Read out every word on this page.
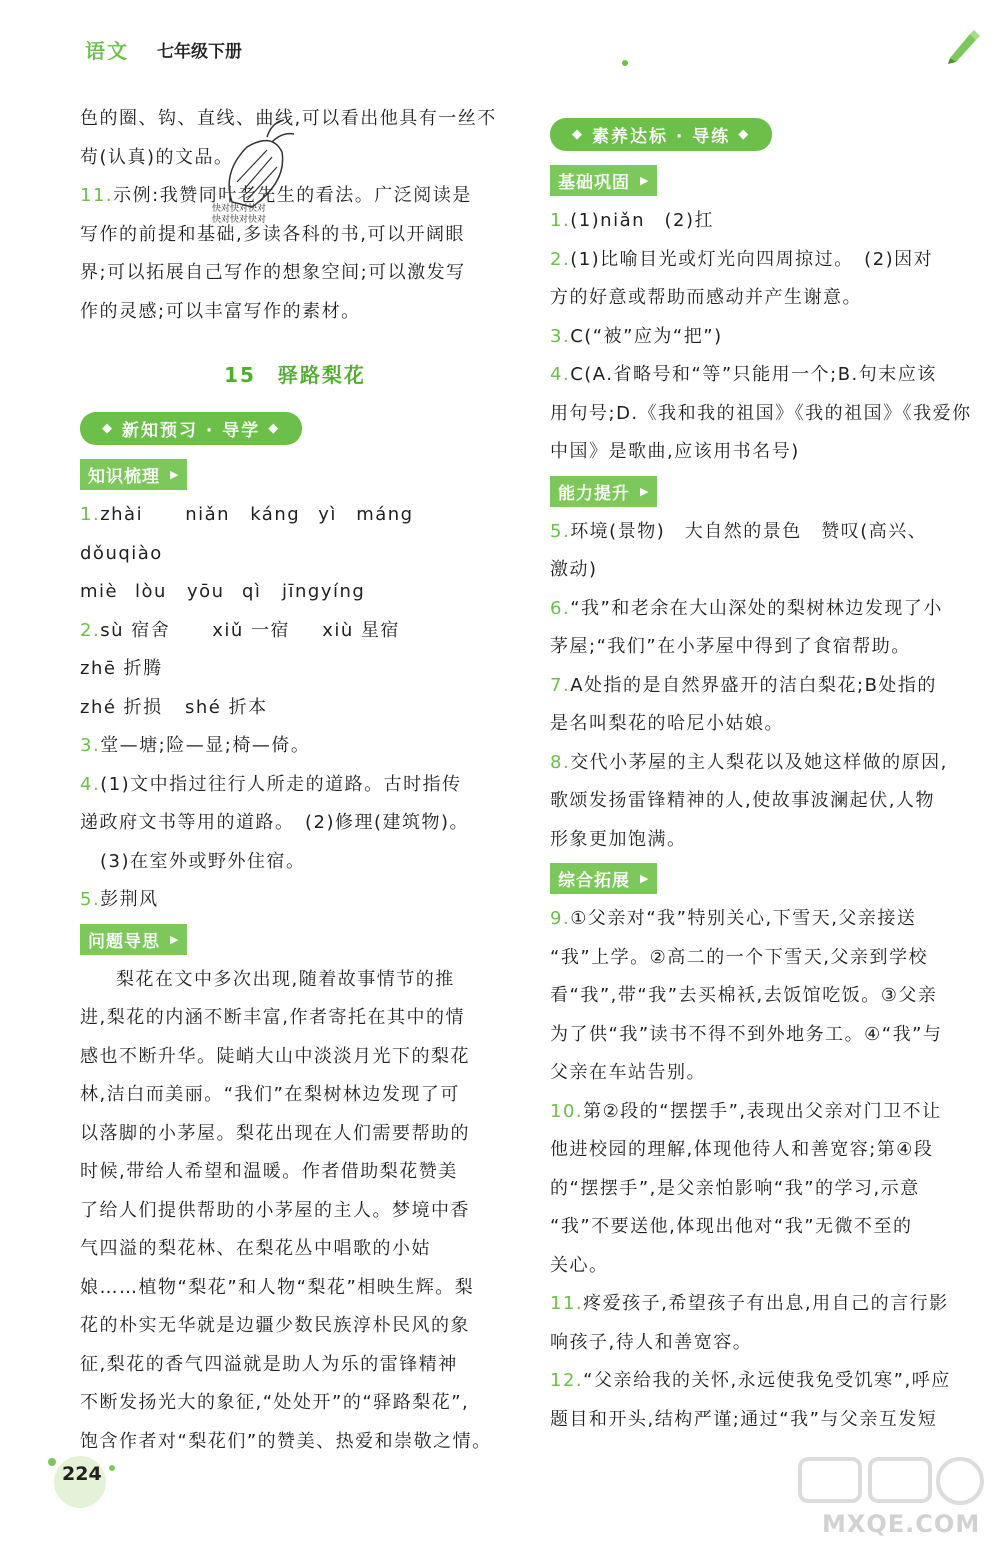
语文 七年级下册

色的圈、钩、直线、曲线,可以看出他具有一丝不

苟(认真)的文品。

11.示例:我赞同叶老先生的看法。广泛阅读是

写作的前提和基础,多读各科的书,可以开阔眼

界;可以拓展自己写作的想象空间;可以激发写

作的灵感;可以丰富写作的素材。

15　驿路梨花
◆ 新知预习 · 导学 ◆

知识梳理 ▶

1.zhài niǎn káng yì mángdǒuqiào

miè lòu yōu qì jīngyíng

2.sù 宿舍 xiǔ 一宿 xiù 星宿zhē 折腾

zhé 折损 shé 折本

3.堂—塘;险—显;椅—倚。

4.(1)文中指过往行人所走的道路。古时指传

递政府文书等用的道路。　(2)修理(建筑物)。

(3)在室外或野外住宿。

5.彭荆风

问题导思 ▶

梨花在文中多次出现,随着故事情节的推

进,梨花的内涵不断丰富,作者寄托在其中的情

感也不断升华。陡峭大山中淡淡月光下的梨花

林,洁白而美丽。“我们”在梨树林边发现了可

以落脚的小茅屋。梨花出现在人们需要帮助的

时候,带给人希望和温暖。作者借助梨花赞美

了给人们提供帮助的小茅屋的主人。梦境中香

气四溢的梨花林、在梨花丛中唱歌的小姑

娘……植物“梨花”和人物“梨花”相映生辉。梨

花的朴实无华就是边疆少数民族淳朴民风的象

征,梨花的香气四溢就是助人为乐的雷锋精神

不断发扬光大的象征,“处处开”的“驿路梨花”,

饱含作者对“梨花们”的赞美、热爱和崇敬之情。

快对快对快对
快对快对快对
◆ 素养达标 · 导练 ◆

基础巩固 ▶

1.(1)niǎn　(2)扛

2.(1)比喻目光或灯光向四周掠过。　(2)因对

方的好意或帮助而感动并产生谢意。

3.C(“被”应为“把”)

4.C(A.省略号和“等”只能用一个;B.句末应该

用句号;D.《我和我的祖国》《我的祖国》《我爱你

中国》是歌曲,应该用书名号)

能力提升 ▶

5.环境(景物)　大自然的景色　赞叹(高兴、

激动)

6.“我”和老余在大山深处的梨树林边发现了小

茅屋;“我们”在小茅屋中得到了食宿帮助。

7.A处指的是自然界盛开的洁白梨花;B处指的

是名叫梨花的哈尼小姑娘。

8.交代小茅屋的主人梨花以及她这样做的原因,

歌颂发扬雷锋精神的人,使故事波澜起伏,人物

形象更加饱满。

综合拓展 ▶

9.①父亲对“我”特别关心,下雪天,父亲接送

“我”上学。②高二的一个下雪天,父亲到学校

看“我”,带“我”去买棉袄,去饭馆吃饭。③父亲

为了供“我”读书不得不到外地务工。④“我”与

父亲在车站告别。

10.第②段的“摆摆手”,表现出父亲对门卫不让

他进校园的理解,体现他待人和善宽容;第④段

的“摆摆手”,是父亲怕影响“我”的学习,示意

“我”不要送他,体现出他对“我”无微不至的

关心。

11.疼爱孩子,希望孩子有出息,用自己的言行影

响孩子,待人和善宽容。

12.“父亲给我的关怀,永远使我免受饥寒”,呼应

题目和开头,结构严谨;通过“我”与父亲互发短

224
MXQE.COM
